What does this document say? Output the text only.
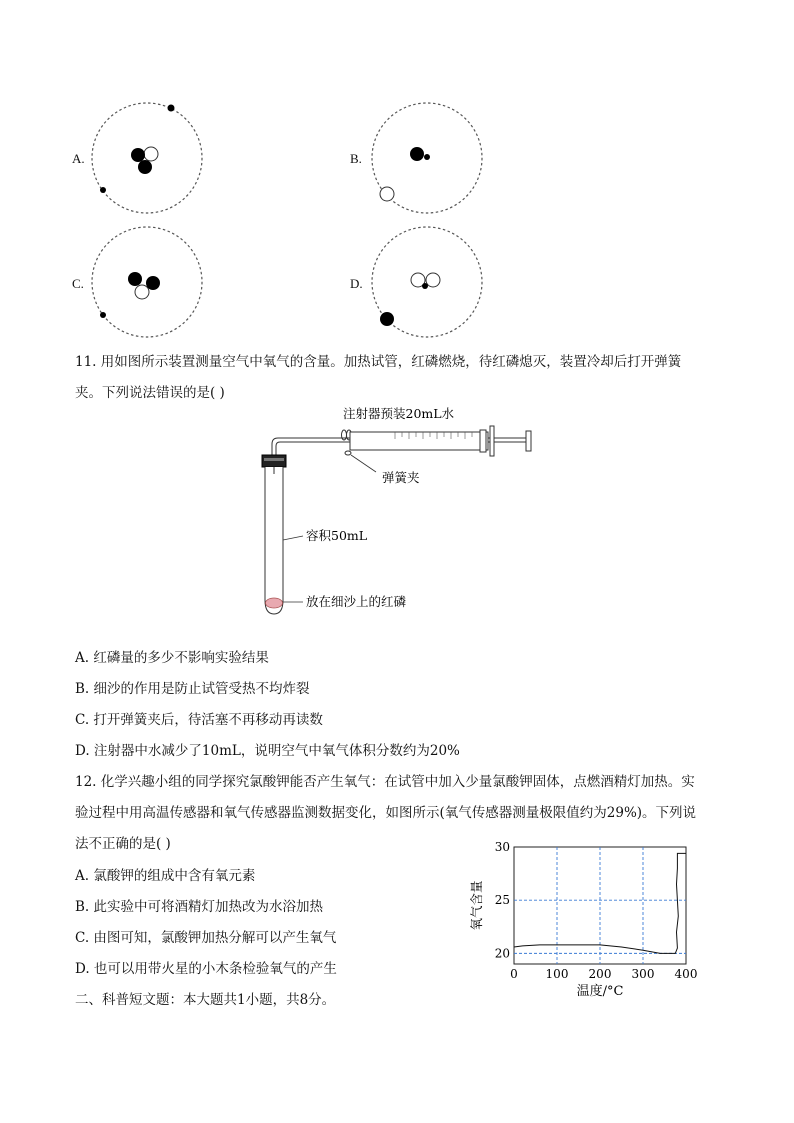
A.	B.
C.	D.
11. 用如图所示装置测量空气中氧气的含量。加热试管，红磷燃烧，待红磷熄灭，装置冷却后打开弹簧
夹。下列说法错误的是( )
注射器预装20mL水
弹簧夹
容积50mL
放在细沙上的红磷
A. 红磷量的多少不影响实验结果
B. 细沙的作用是防止试管受热不均炸裂
C. 打开弹簧夹后，待活塞不再移动再读数
D. 注射器中水减少了10mL，说明空气中氧气体积分数约为20%
12. 化学兴趣小组的同学探究氯酸钾能否产生氧气：在试管中加入少量氯酸钾固体，点燃酒精灯加热。实
验过程中用高温传感器和氧气传感器监测数据变化，如图所示(氧气传感器测量极限值约为29%)。下列说
法不正确的是( )
A. 氯酸钾的组成中含有氧元素
B. 此实验中可将酒精灯加热改为水浴加热
C. 由图可知，氯酸钾加热分解可以产生氧气
D. 也可以用带火星的小木条检验氧气的产生	0 100 200 300 400
20
25
30
温度/°C
氧气含量
二、科普短文题：本大题共1小题，共8分。
